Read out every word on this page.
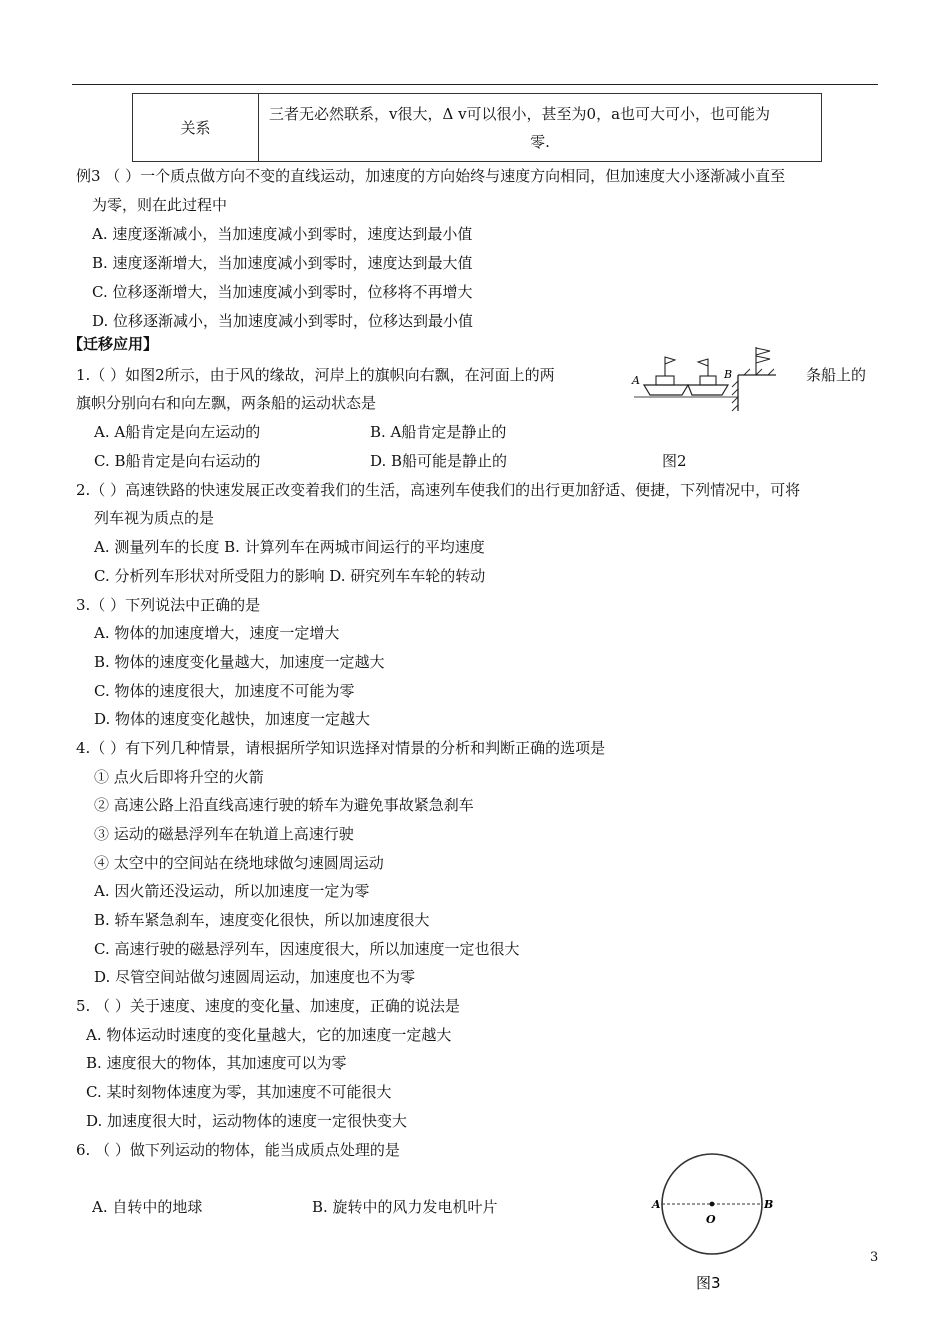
关系	三者无必然联系，v很大，Δ v可以很小，甚至为0，a也可大可小，也可能为
零.
例3 （ ）一个质点做方向不变的直线运动，加速度的方向始终与速度方向相同，但加速度大小逐渐减小直至
为零，则在此过程中
A. 速度逐渐减小，当加速度减小到零时，速度达到最小值
B. 速度逐渐增大，当加速度减小到零时，速度达到最大值
C. 位移逐渐增大，当加速度减小到零时，位移将不再增大
D. 位移逐渐减小，当加速度减小到零时，位移达到最小值
【迁移应用】
1.（ ）如图2所示，由于风的缘故，河岸上的旗帜向右飘，在河面上的两	条船上的
旗帜分别向右和向左飘，两条船的运动状态是
A. A船肯定是向左运动的	B. A船肯定是静止的
C. B船肯定是向右运动的	D. B船可能是静止的	图2
A	B
2.（ ）高速铁路的快速发展正改变着我们的生活，高速列车使我们的出行更加舒适、便捷，下列情况中，可将
列车视为质点的是
A. 测量列车的长度 B. 计算列车在两城市间运行的平均速度
C. 分析列车形状对所受阻力的影响 D. 研究列车车轮的转动
3.（ ）下列说法中正确的是
A. 物体的加速度增大，速度一定增大
B. 物体的速度变化量越大，加速度一定越大
C. 物体的速度很大，加速度不可能为零
D. 物体的速度变化越快，加速度一定越大
4.（ ）有下列几种情景，请根据所学知识选择对情景的分析和判断正确的选项是
① 点火后即将升空的火箭
② 高速公路上沿直线高速行驶的轿车为避免事故紧急刹车
③ 运动的磁悬浮列车在轨道上高速行驶
④ 太空中的空间站在绕地球做匀速圆周运动
A. 因火箭还没运动，所以加速度一定为零
B. 轿车紧急刹车，速度变化很快，所以加速度很大
C. 高速行驶的磁悬浮列车，因速度很大，所以加速度一定也很大
D. 尽管空间站做匀速圆周运动，加速度也不为零
5. （ ）关于速度、速度的变化量、加速度，正确的说法是
A. 物体运动时速度的变化量越大，它的加速度一定越大
B. 速度很大的物体，其加速度可以为零
C. 某时刻物体速度为零，其加速度不可能很大
D. 加速度很大时，运动物体的速度一定很快变大
6. （ ）做下列运动的物体，能当成质点处理的是
A. 自转中的地球	B. 旋转中的风力发电机叶片	A	B
O
图3
3
